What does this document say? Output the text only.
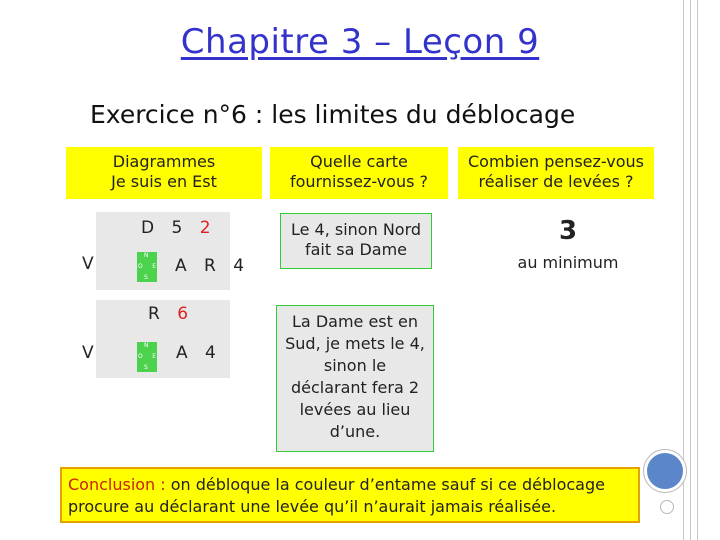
Chapitre 3 – Leçon 9
Exercice n°6 : les limites du déblocage
Diagrammes
Je suis en Est
Quelle carte
fournissez-vous ?
Combien pensez-vous
réaliser de levées ?
D 5 2
V	N
O E
S
A R 4
R 6
V	N
O E
S
A 4
Le 4, sinon Nord
fait sa Dame
La Dame est en
Sud, je mets le 4,
sinon le
déclarant fera 2
levées au lieu
d’une.
3
au minimum
Conclusion : on débloque la couleur d’entame sauf si ce déblocage
procure au déclarant une levée qu’il n’aurait jamais réalisée.
